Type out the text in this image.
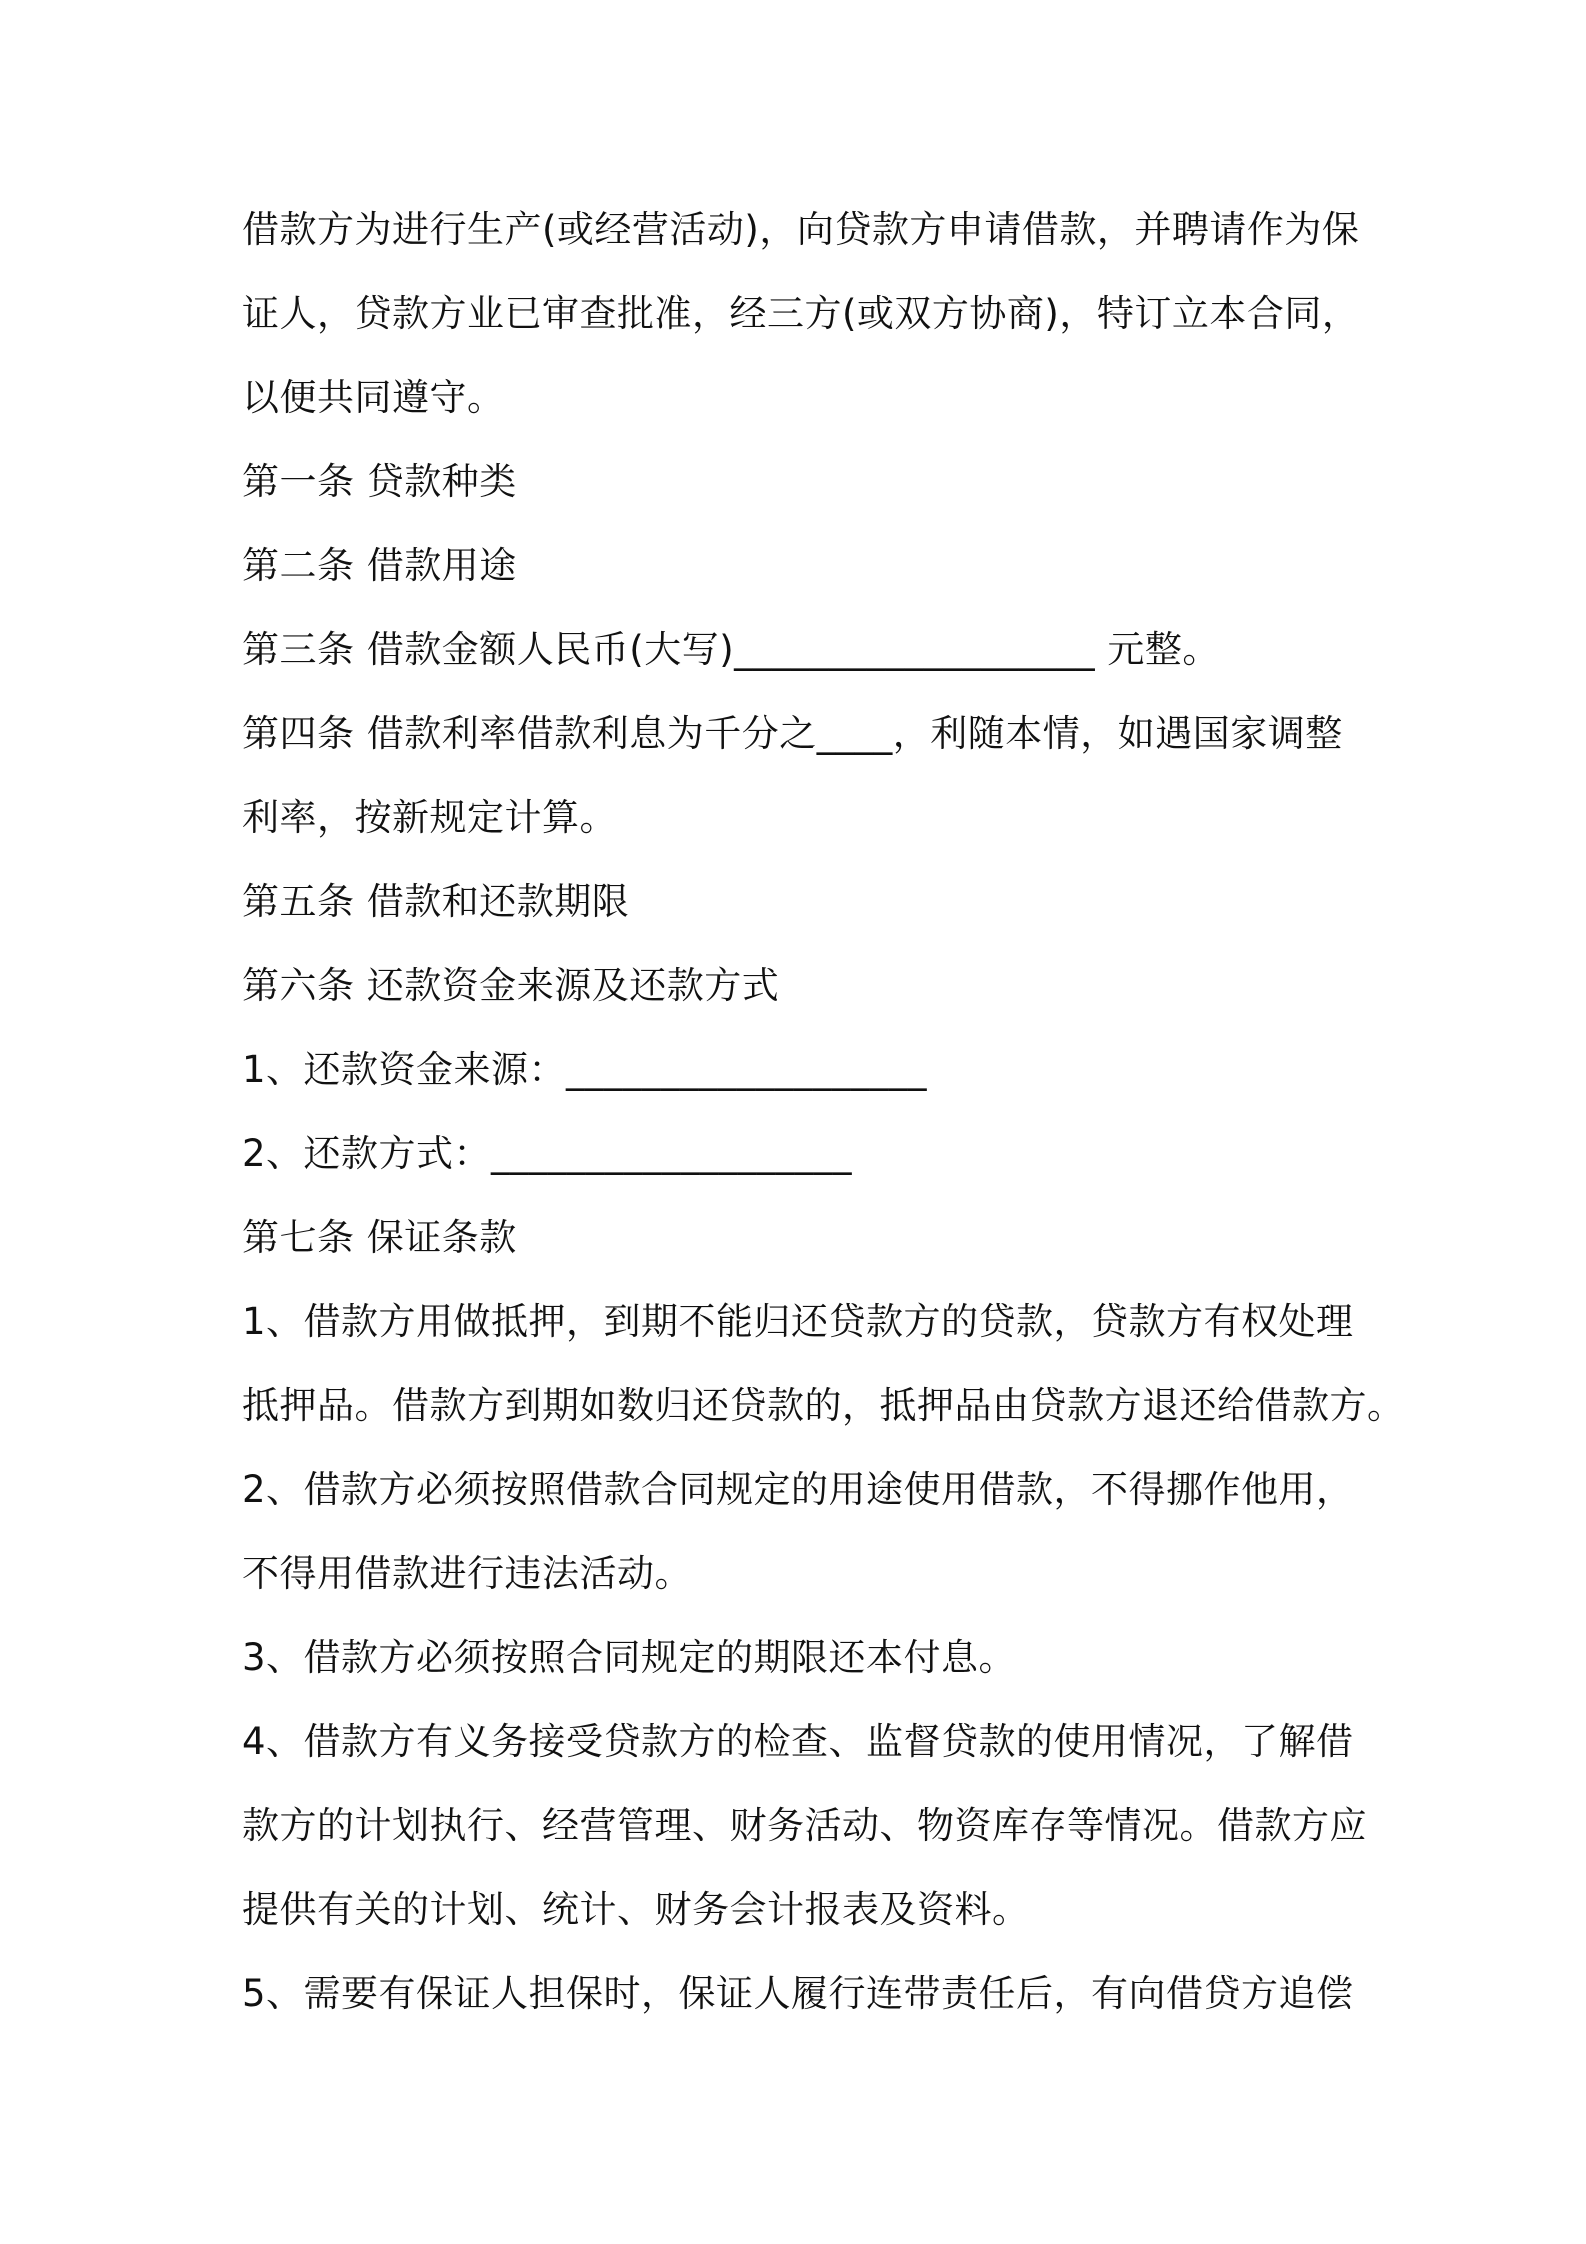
借款方为进行生产(或经营活动)，向贷款方申请借款，并聘请作为保
证人，贷款方业已审查批准，经三方(或双方协商)，特订立本合同，
以便共同遵守。
第一条 贷款种类
第二条 借款用途
第三条 借款金额人民币(大写)___________________ 元整。
第四条 借款利率借款利息为千分之____，利随本情，如遇国家调整
利率，按新规定计算。
第五条 借款和还款期限
第六条 还款资金来源及还款方式
1、还款资金来源：___________________
2、还款方式：___________________
第七条 保证条款
1、借款方用做抵押，到期不能归还贷款方的贷款，贷款方有权处理
抵押品。借款方到期如数归还贷款的，抵押品由贷款方退还给借款方。
2、借款方必须按照借款合同规定的用途使用借款，不得挪作他用，
不得用借款进行违法活动。
3、借款方必须按照合同规定的期限还本付息。
4、借款方有义务接受贷款方的检查、监督贷款的使用情况，了解借
款方的计划执行、经营管理、财务活动、物资库存等情况。借款方应
提供有关的计划、统计、财务会计报表及资料。
5、需要有保证人担保时，保证人履行连带责任后，有向借贷方追偿
